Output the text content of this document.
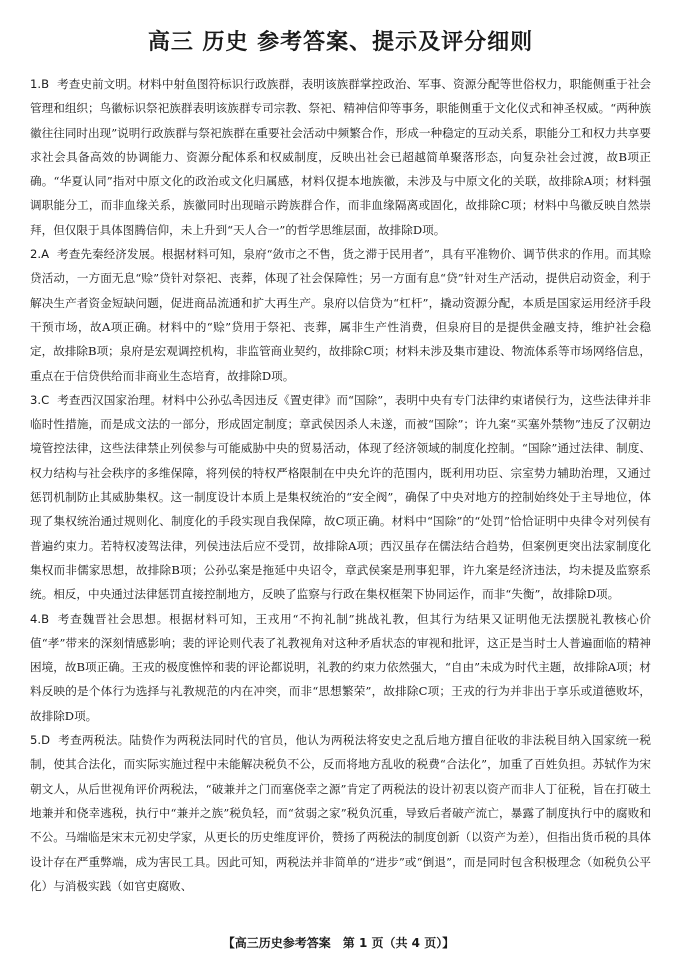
高三 历史 参考答案、提示及评分细则

1.B 考查史前文明。材料中射鱼图符标识行政族群，表明该族群掌控政治、军事、资源分配等世俗权力，职能侧重于社会管理和组织；鸟徽标识祭祀族群表明该族群专司宗教、祭祀、精神信仰等事务，职能侧重于文化仪式和神圣权威。“两种族徽往往同时出现”说明行政族群与祭祀族群在重要社会活动中频繁合作，形成一种稳定的互动关系，职能分工和权力共享要求社会具备高效的协调能力、资源分配体系和权威制度，反映出社会已超越简单聚落形态，向复杂社会过渡，故B项正确。“华夏认同”指对中原文化的政治或文化归属感，材料仅提本地族徽，未涉及与中原文化的关联，故排除A项；材料强调职能分工，而非血缘关系，族徽同时出现暗示跨族群合作，而非血缘隔离或固化，故排除C项；材料中鸟徽反映自然崇拜，但仅限于具体图腾信仰，未上升到“天人合一”的哲学思维层面，故排除D项。

2.A 考查先秦经济发展。根据材料可知，泉府“敛市之不售，货之滞于民用者”，具有平准物价、调节供求的作用。而其赊贷活动，一方面无息“赊”贷针对祭祀、丧葬，体现了社会保障性；另一方面有息“贷”针对生产活动，提供启动资金，利于解决生产者资金短缺问题，促进商品流通和扩大再生产。泉府以信贷为“杠杆”，撬动资源分配，本质是国家运用经济手段干预市场，故A项正确。材料中的“赊”贷用于祭祀、丧葬，属非生产性消费，但泉府目的是提供金融支持，维护社会稳定，故排除B项；泉府是宏观调控机构，非监管商业契约，故排除C项；材料未涉及集市建设、物流体系等市场网络信息，重点在于信贷供给而非商业生态培育，故排除D项。

3.C 考查西汉国家治理。材料中公孙弘촉因违反《置吏律》而“国除”，表明中央有专门法律约束诸侯行为，这些法律并非临时性措施，而是成文法的一部分，形成固定制度；章武侯因杀人未遂，而被“国除”；许九案“买塞外禁物”违反了汉朝边境管控法律，这些法律禁止列侯参与可能威胁中央的贸易活动，体现了经济领域的制度化控制。“国除”通过法律、制度、权力结构与社会秩序的多维保障，将列侯的特权严格限制在中央允许的范围内，既利用功臣、宗室势力辅助治理，又通过惩罚机制防止其威胁集权。这一制度设计本质上是集权统治的“安全阀”，确保了中央对地方的控制始终处于主导地位，体现了集权统治通过规则化、制度化的手段实现自我保障，故C项正确。材料中“国除”的“处罚”恰恰证明中央律令对列侯有普遍约束力。若特权凌驾法律，列侯违法后应不受罚，故排除A项；西汉虽存在儒法结合趋势，但案例更突出法家制度化集权而非儒家思想，故排除B项；公孙弘案是拖延中央诏令，章武侯案是刑事犯罪，许九案是经济违法，均未提及监察系统。相反，中央通过法律惩罚直接控制地方，反映了监察与行政在集权框架下协同运作，而非“失衡”，故排除D项。

4.B 考查魏晋社会思想。根据材料可知，王戎用“不拘礼制”挑战礼教，但其行为结果又证明他无法摆脱礼教核心价值“孝”带来的深刻情感影响；裴的评论则代表了礼教视角对这种矛盾状态的审视和批评，这正是当时士人普遍面临的精神困境，故B项正确。王戎的极度憔悴和裴的评论都说明，礼教的约束力依然强大，“自由”未成为时代主题，故排除A项；材料反映的是个体行为选择与礼教规范的内在冲突，而非“思想繁荣”，故排除C项；王戎的行为并非出于享乐或道德败坏，故排除D项。

5.D 考查两税法。陆贽作为两税法同时代的官员，他认为两税法将安史之乱后地方擅自征收的非法税目纳入国家统一税制，使其合法化，而实际实施过程中未能解决税负不公，反而将地方乱收的税费“合法化”，加重了百姓负担。苏轼作为宋朝文人，从后世视角评价两税法，“破兼并之门而塞侥幸之源”肯定了两税法的设计初衷以资产而非人丁征税，旨在打破土地兼并和侥幸逃税，执行中“兼并之族”税负轻，而“贫弱之家”税负沉重，导致后者破产流亡，暴露了制度执行中的腐败和不公。马端临是宋末元初史学家，从更长的历史维度评价，赞扬了两税法的制度创新（以资产为差），但指出货币税的具体设计存在严重弊端，成为害民工具。因此可知，两税法并非简单的“进步”或“倒退”，而是同时包含积极理念（如税负公平化）与消极实践（如官吏腐败、

【高三历史参考答案　第 1 页（共 4 页）】
